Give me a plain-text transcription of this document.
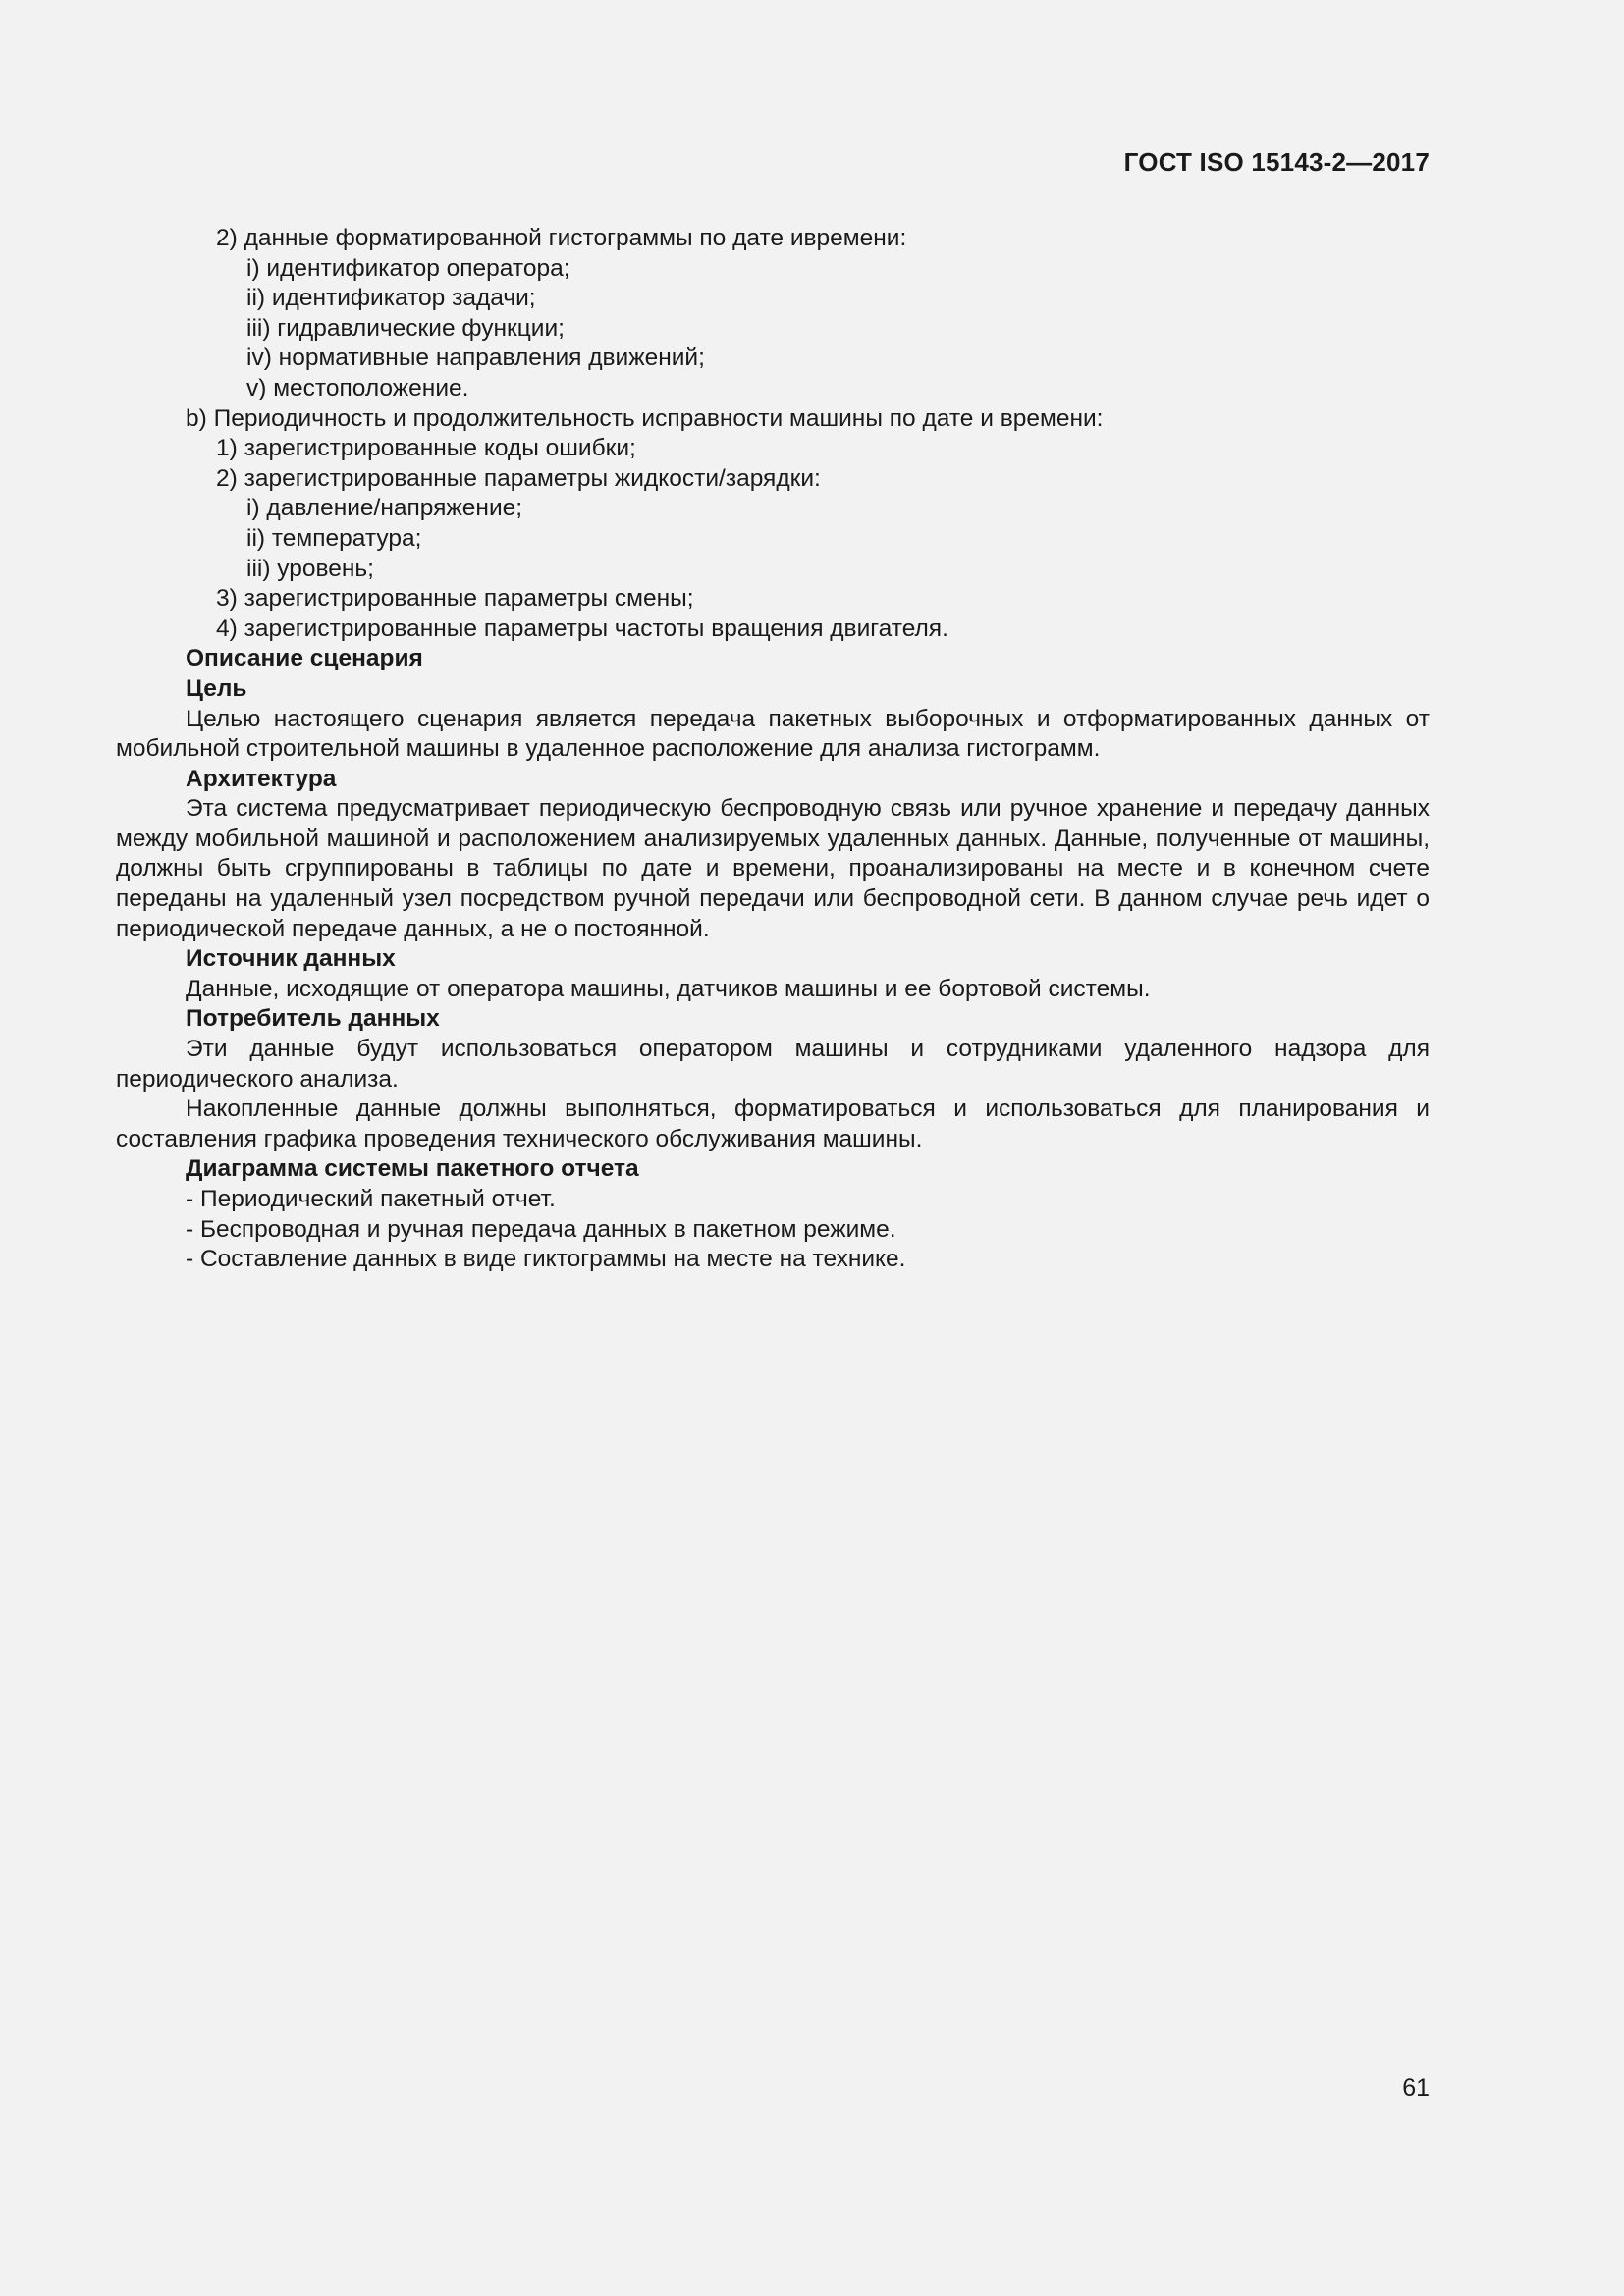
ГОСТ ISO 15143-2—2017
2) данные форматированной гистограммы по дате ивремени:
i) идентификатор оператора;
ii) идентификатор задачи;
iii) гидравлические функции;
iv) нормативные направления движений;
v) местоположение.
b) Периодичность и продолжительность исправности машины по дате и времени:
1) зарегистрированные коды ошибки;
2) зарегистрированные параметры жидкости/зарядки:
i) давление/напряжение;
ii) температура;
iii) уровень;
3) зарегистрированные параметры смены;
4) зарегистрированные параметры частоты вращения двигателя.
Описание сценария
Цель

Целью настоящего сценария является передача пакетных выборочных и отформатированных данных от мобильной строительной машины в удаленное расположение для анализа гистограмм.

Архитектура

Эта система предусматривает периодическую беспроводную связь или ручное хранение и передачу данных между мобильной машиной и расположением анализируемых удаленных данных. Данные, полученные от машины, должны быть сгруппированы в таблицы по дате и времени, проанализированы на месте и в конечном счете переданы на удаленный узел посредством ручной передачи или беспроводной сети. В данном случае речь идет о периодической передаче данных, а не о постоянной.

Источник данных

Данные, исходящие от оператора машины, датчиков машины и ее бортовой системы.

Потребитель данных

Эти данные будут использоваться оператором машины и сотрудниками удаленного надзора для периодического анализа.

Накопленные данные должны выполняться, форматироваться и использоваться для планирования и составления графика проведения технического обслуживания машины.

Диаграмма системы пакетного отчета
- Периодический пакетный отчет.
- Беспроводная и ручная передача данных в пакетном режиме.
- Составление данных в виде гиктограммы на месте на технике.
61
